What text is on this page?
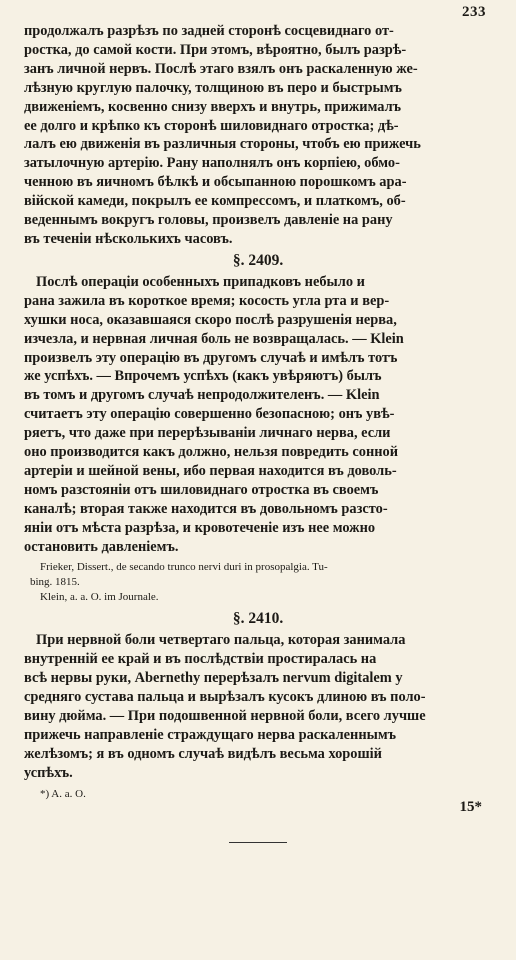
233

продолжалъ разрѣзъ по задней сторонѣ сосцевиднаго от-

ростка, до самой кости. При этомъ, вѣроятно, былъ разрѣ-

занъ личной нервъ. Послѣ этаго взялъ онъ раскаленную же-

лѣзную круглую палочку, толщиною въ перо и быстрымъ

движенiемъ, косвенно снизу вверхъ и внутрь, прижималъ

ее долго и крѣпко къ сторонѣ шиловиднаго отростка; дѣ-

лалъ ею движенiя въ различныя стороны, чтобъ ею прижечь

затылочную артерiю. Рану наполнялъ онъ корпiею, обмо-

ченною въ яичномъ бѣлкѣ и обсыпанною порошкомъ ара-

вiйской камеди, покрылъ ее компрессомъ, и платкомъ, об-

веденнымъ вокругъ головы, произвелъ давленiе на рану

въ теченiи нѣсколькихъ часовъ.

§. 2409.

Послѣ операцiи особенныхъ припадковъ небыло и

рана зажила въ короткое время; косость угла рта и вер-

хушки носа, оказавшаяся скоро послѣ разрушенiя нерва,

изчезла, и нервная личная боль не возвращалась. — Klein

произвелъ эту операцiю въ другомъ случаѣ и имѣлъ тотъ

же успѣхъ. — Впрочемъ успѣхъ (какъ увѣряютъ) былъ

въ томъ и другомъ случаѣ непродолжителенъ. — Klein

считаетъ эту операцiю совершенно безопасною; онъ увѣ-

ряетъ, что даже при перерѣзыванiи личнаго нерва, если

оно производится какъ должно, нельзя повредить сонной

артерiи и шейной вены, ибо первая находится въ доволь-

номъ разстоянiи отъ шиловиднаго отростка въ своемъ

каналѣ; вторая также находится въ довольномъ разсто-

янiи отъ мѣста разрѣза, и кровотеченiе изъ нее можно

остановить давленiемъ.

Frieker, Dissert., de secando trunco nervi duri in prosopalgia. Tu-

bing. 1815.

Klein, a. a. O. im Journale.

§. 2410.

При нервной боли четвертаго пальца, которая занимала

внутреннiй ее край и въ послѣдствiи простиралась на

всѣ нервы руки, Abernethy перерѣзалъ nervum digitalem у

средняго сустава пальца и вырѣзалъ кусокъ длиною въ поло-

вину дюйма. — При подошвенной нервной боли, всего лучше

прижечь направленiе страждущаго нерва раскаленнымъ

желѣзомъ; я въ одномъ случаѣ видѣлъ весьма хорошiй

успѣхъ.

*) A. a. O.

15*
